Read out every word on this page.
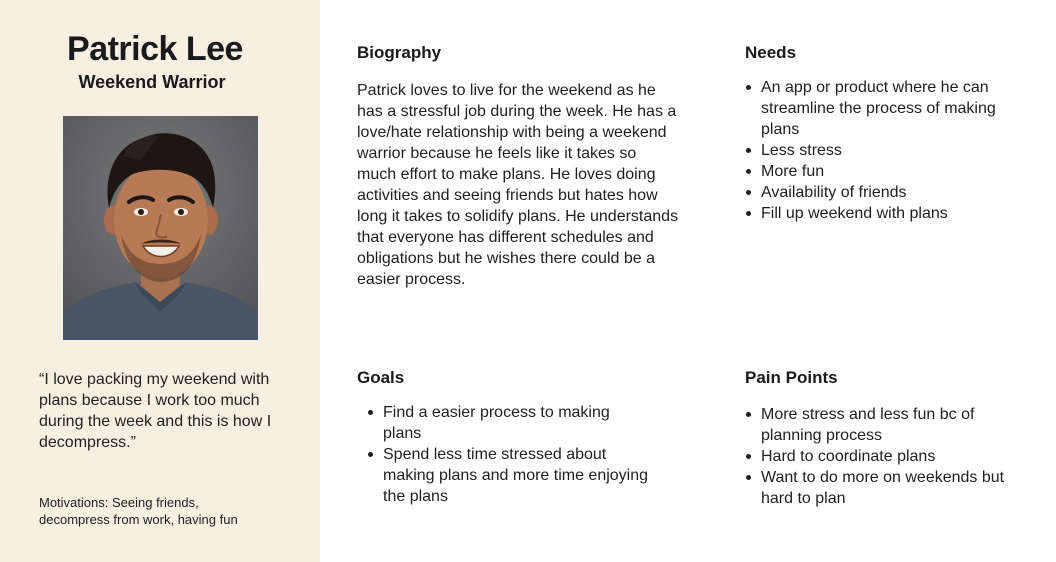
Patrick Lee
Weekend Warrior
“I love packing my weekend with plans because I work too much during the week and this is how I decompress.”
Motivations: Seeing friends, decompress from work, having fun
Biography
Patrick loves to live for the weekend as he has a stressful job during the week. He has a love/hate relationship with being a weekend warrior because he feels like it takes so much effort to make plans. He loves doing activities and seeing friends but hates how long it takes to solidify plans. He understands that everyone has different schedules and obligations but he wishes there could be a easier process.
Needs
An app or product where he can streamline the process of making plans
Less stress
More fun
Availability of friends
Fill up weekend with plans
Goals
Find a easier process to making plans
Spend less time stressed about making plans and more time enjoying the plans
Pain Points
More stress and less fun bc of planning process
Hard to coordinate plans
Want to do more on weekends but hard to plan
